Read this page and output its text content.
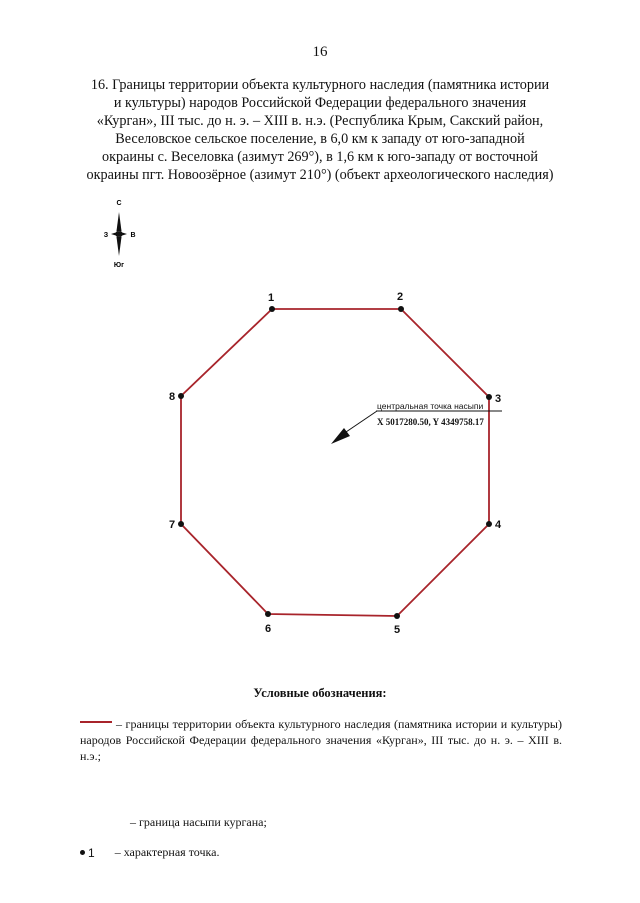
16
16. Границы территории объекта культурного наследия (памятника истории
и культуры) народов Российской Федерации федерального значения
«Курган», III тыс. до н. э. – XIII в. н.э. (Республика Крым, Сакский район,
Веселовское сельское поселение, в 6,0 км к западу от юго-западной
окраины с. Веселовка (азимут 269°), в 1,6 км к юго-западу от восточной
окраины пгт. Новоозёрное (азимут 210°) (объект археологического наследия)
С
З	В
Юг
1	2
3
4
5
6
7
8
центральная точка насыпи
X 5017280.50, Y 4349758.17
Условные обозначения:
– границы территории объекта культурного наследия (памятника истории и культуры) народов Российской Федерации федерального значения «Курган», III тыс. до н. э. – XIII в. н.э.;
– граница насыпи кургана;
1 – характерная точка.
